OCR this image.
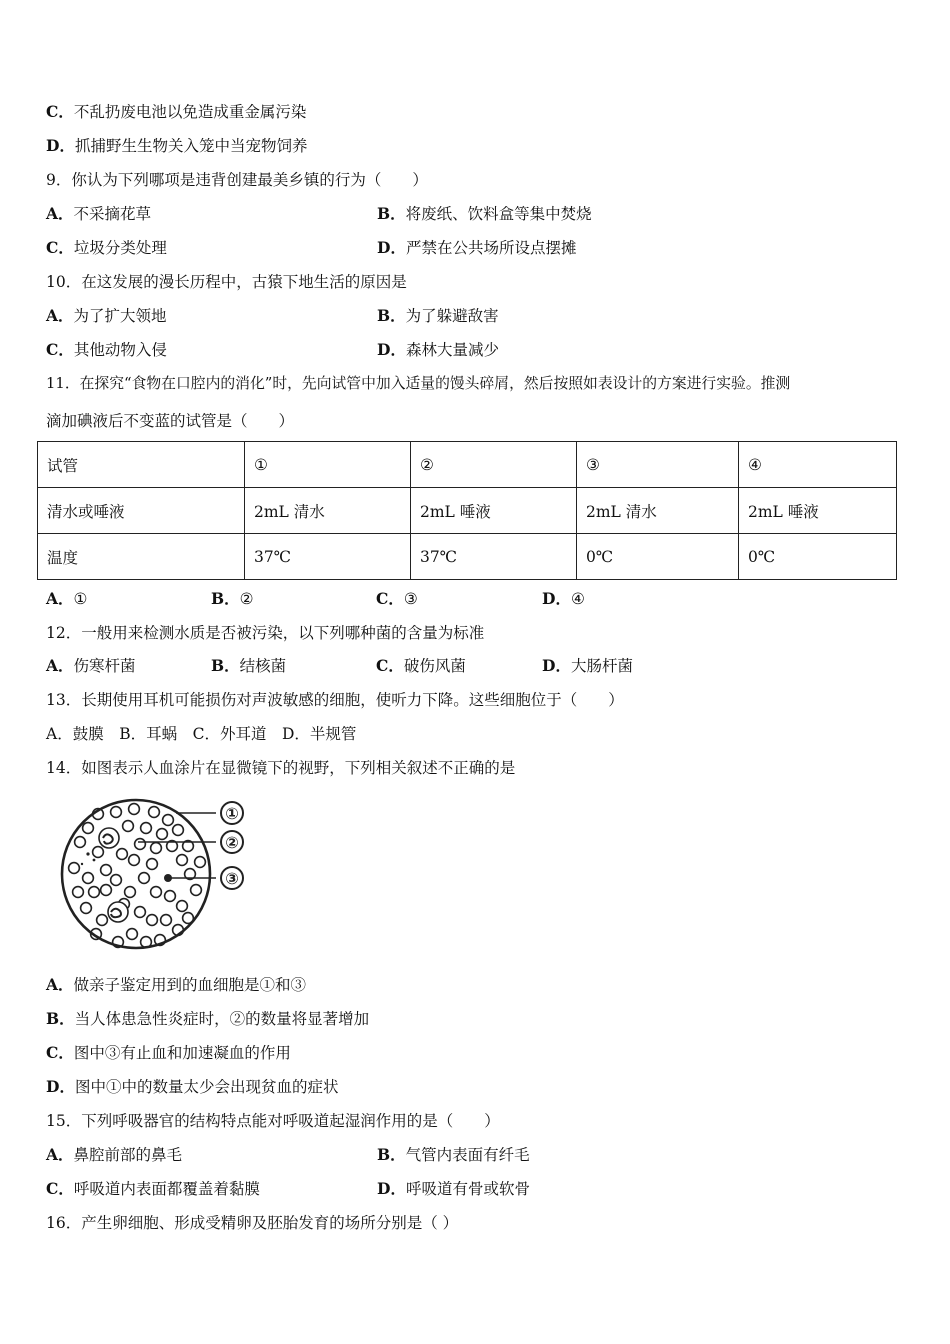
C．不乱扔废电池以免造成重金属污染
D．抓捕野生生物关入笼中当宠物饲养
9．你认为下列哪项是违背创建最美乡镇的行为（　　）
A．不采摘花草	B．将废纸、饮料盒等集中焚烧
C．垃圾分类处理	D．严禁在公共场所设点摆摊
10．在这发展的漫长历程中，古猿下地生活的原因是
A．为了扩大领地	B．为了躲避敌害
C．其他动物入侵	D．森林大量减少
11．在探究“食物在口腔内的消化”时，先向试管中加入适量的馒头碎屑，然后按照如表设计的方案进行实验。推测
滴加碘液后不变蓝的试管是（　　）
试管	①	②	③	④
清水或唾液	2mL 清水	2mL 唾液	2mL 清水	2mL 唾液
温度	37℃	37℃	0℃	0℃
A．①	B．②	C．③	D．④
12．一般用来检测水质是否被污染，以下列哪种菌的含量为标准
A．伤寒杆菌	B．结核菌	C．破伤风菌	D．大肠杆菌
13．长期使用耳机可能损伤对声波敏感的细胞，使听力下降。这些细胞位于（　　）
A．鼓膜　B．耳蜗　C．外耳道　D．半规管
14．如图表示人血涂片在显微镜下的视野，下列相关叙述不正确的是
①
②
③
A．做亲子鉴定用到的血细胞是①和③
B．当人体患急性炎症时，②的数量将显著增加
C．图中③有止血和加速凝血的作用
D．图中①中的数量太少会出现贫血的症状
15．下列呼吸器官的结构特点能对呼吸道起湿润作用的是（　　）
A．鼻腔前部的鼻毛	B．气管内表面有纤毛
C．呼吸道内表面都覆盖着黏膜	D．呼吸道有骨或软骨
16．产生卵细胞、形成受精卵及胚胎发育的场所分别是（ ）
